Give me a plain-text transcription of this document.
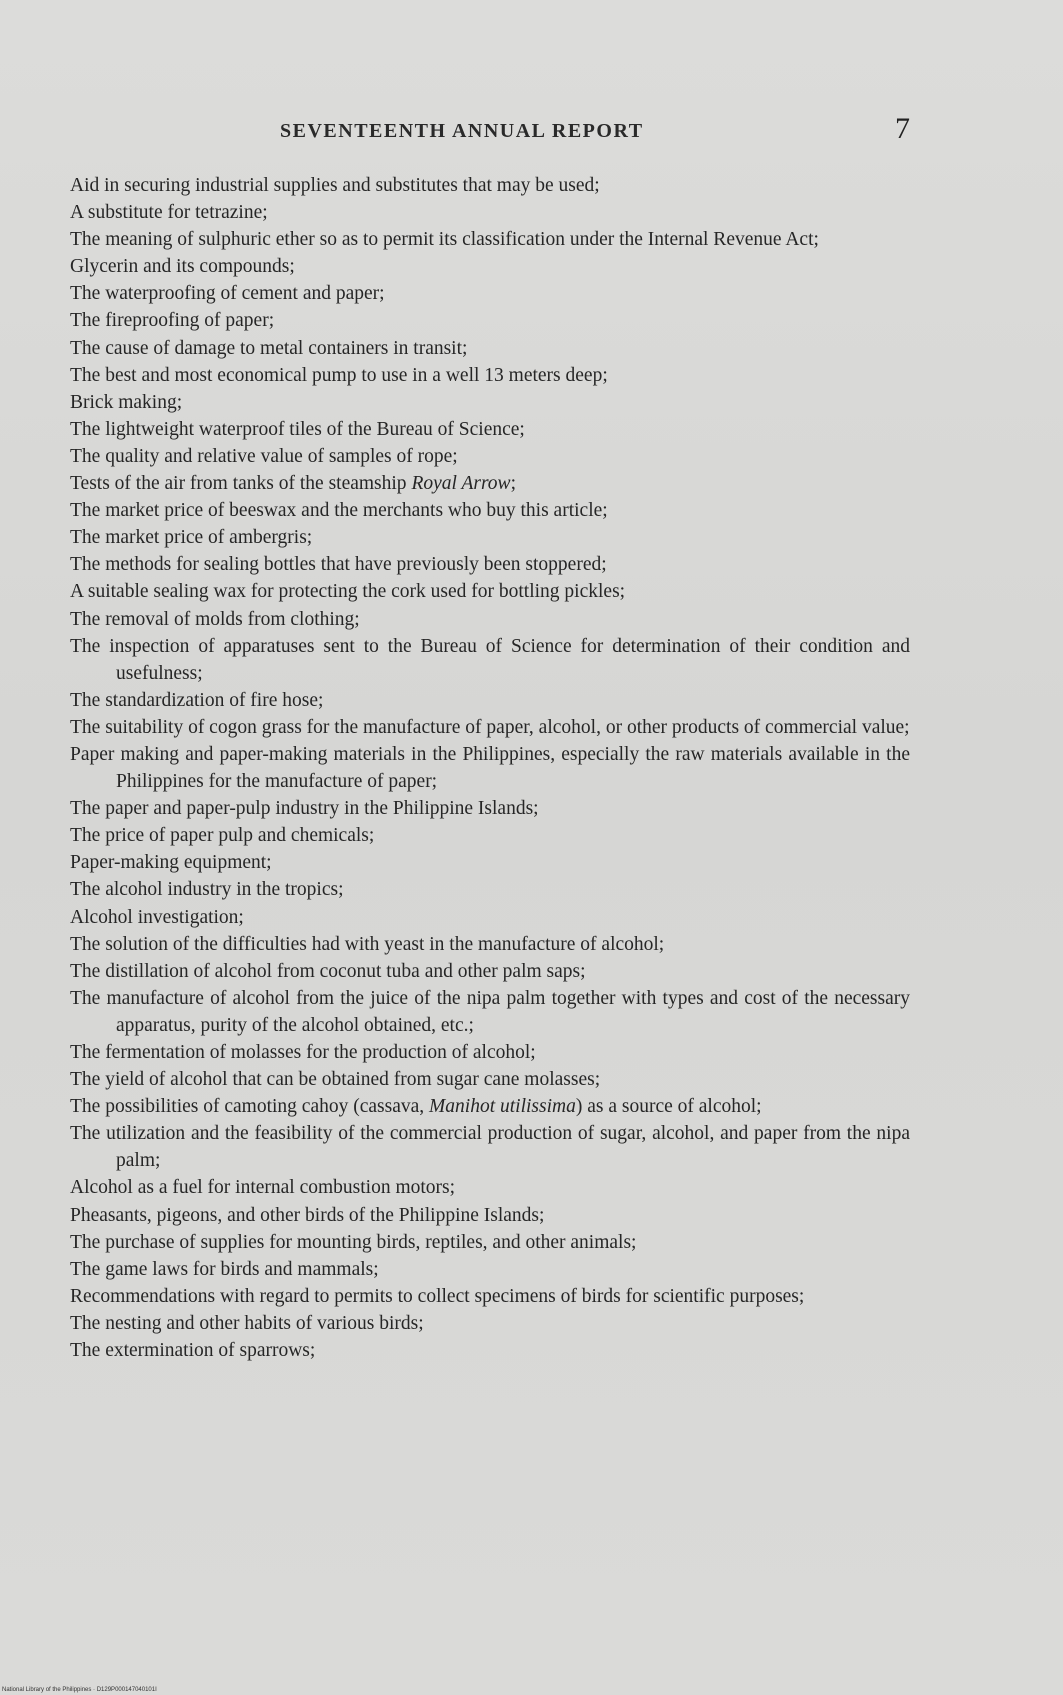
SEVENTEENTH ANNUAL REPORT	7
Aid in securing industrial supplies and substitutes that may be used;
A substitute for tetrazine;
The meaning of sulphuric ether so as to permit its classification under the Internal Revenue Act;
Glycerin and its compounds;
The waterproofing of cement and paper;
The fireproofing of paper;
The cause of damage to metal containers in transit;
The best and most economical pump to use in a well 13 meters deep;
Brick making;
The lightweight waterproof tiles of the Bureau of Science;
The quality and relative value of samples of rope;
Tests of the air from tanks of the steamship Royal Arrow;
The market price of beeswax and the merchants who buy this article;
The market price of ambergris;
The methods for sealing bottles that have previously been stoppered;
A suitable sealing wax for protecting the cork used for bottling pickles;
The removal of molds from clothing;
The inspection of apparatuses sent to the Bureau of Science for determination of their condition and usefulness;
The standardization of fire hose;
The suitability of cogon grass for the manufacture of paper, alcohol, or other products of commercial value;
Paper making and paper-making materials in the Philippines, especially the raw materials available in the Philippines for the manufacture of paper;
The paper and paper-pulp industry in the Philippine Islands;
The price of paper pulp and chemicals;
Paper-making equipment;
The alcohol industry in the tropics;
Alcohol investigation;
The solution of the difficulties had with yeast in the manufacture of alcohol;
The distillation of alcohol from coconut tuba and other palm saps;
The manufacture of alcohol from the juice of the nipa palm together with types and cost of the necessary apparatus, purity of the alcohol obtained, etc.;
The fermentation of molasses for the production of alcohol;
The yield of alcohol that can be obtained from sugar cane molasses;
The possibilities of camoting cahoy (cassava, Manihot utilissima) as a source of alcohol;
The utilization and the feasibility of the commercial production of sugar, alcohol, and paper from the nipa palm;
Alcohol as a fuel for internal combustion motors;
Pheasants, pigeons, and other birds of the Philippine Islands;
The purchase of supplies for mounting birds, reptiles, and other animals;
The game laws for birds and mammals;
Recommendations with regard to permits to collect specimens of birds for scientific purposes;
The nesting and other habits of various birds;
The extermination of sparrows;
National Library of the Philippines · D129P000147040101I
